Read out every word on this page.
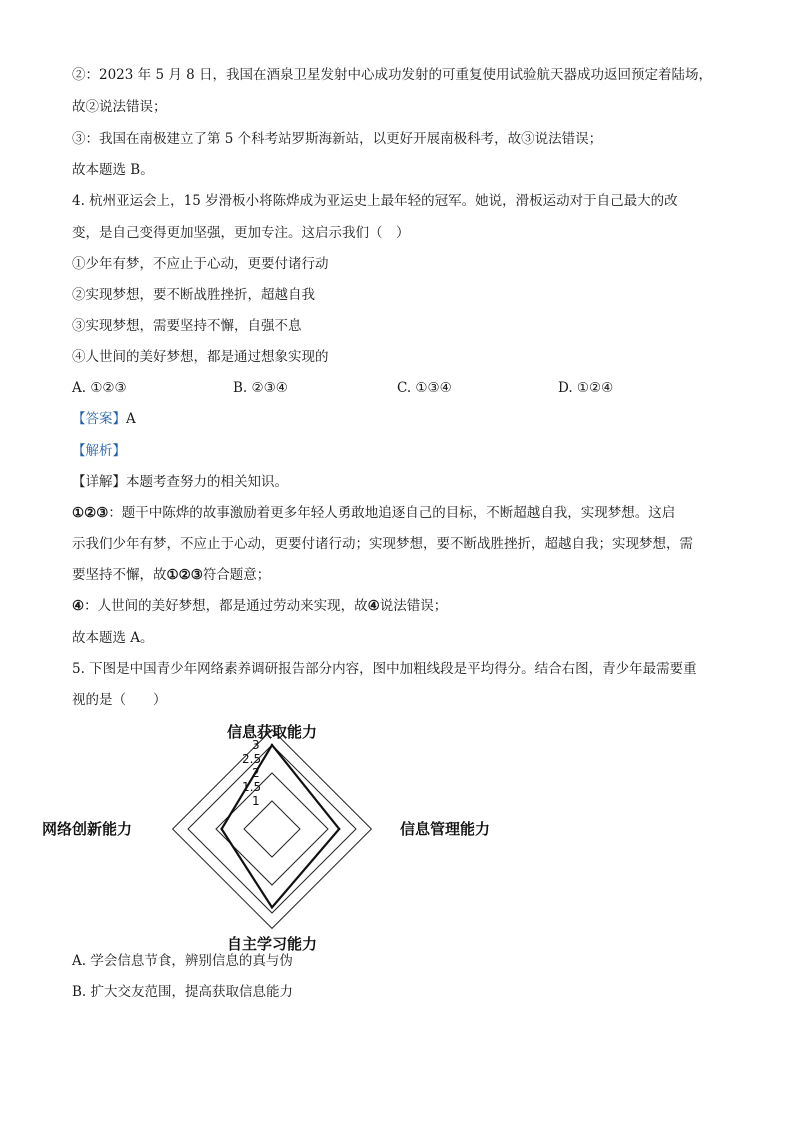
②：2023 年 5 月 8 日，我国在酒泉卫星发射中心成功发射的可重复使用试验航天器成功返回预定着陆场，
故②说法错误；
③：我国在南极建立了第 5 个科考站罗斯海新站，以更好开展南极科考，故③说法错误；
故本题选 B。
4. 杭州亚运会上，15 岁滑板小将陈烨成为亚运史上最年轻的冠军。她说，滑板运动对于自己最大的改
变，是自己变得更加坚强，更加专注。这启示我们（　）
①少年有梦，不应止于心动，更要付诸行动
②实现梦想，要不断战胜挫折，超越自我
③实现梦想，需要坚持不懈，自强不息
④人世间的美好梦想，都是通过想象实现的
A. ①②③	B. ②③④	C. ①③④	D. ①②④
【答案】A
【解析】
【详解】本题考查努力的相关知识。
①②③：题干中陈烨的故事激励着更多年轻人勇敢地追逐自己的目标，不断超越自我，实现梦想。这启
示我们少年有梦，不应止于心动，更要付诸行动；实现梦想，要不断战胜挫折，超越自我；实现梦想，需
要坚持不懈，故①②③符合题意；
④：人世间的美好梦想，都是通过劳动来实现，故④说法错误；
故本题选 A。
5. 下图是中国青少年网络素养调研报告部分内容，图中加粗线段是平均得分。结合右图，青少年最需要重
视的是（　　）
3
2.5
2
1.5
1
信息获取能力
信息管理能力
自主学习能力
网络创新能力
A. 学会信息节食，辨别信息的真与伪
B. 扩大交友范围，提高获取信息能力
